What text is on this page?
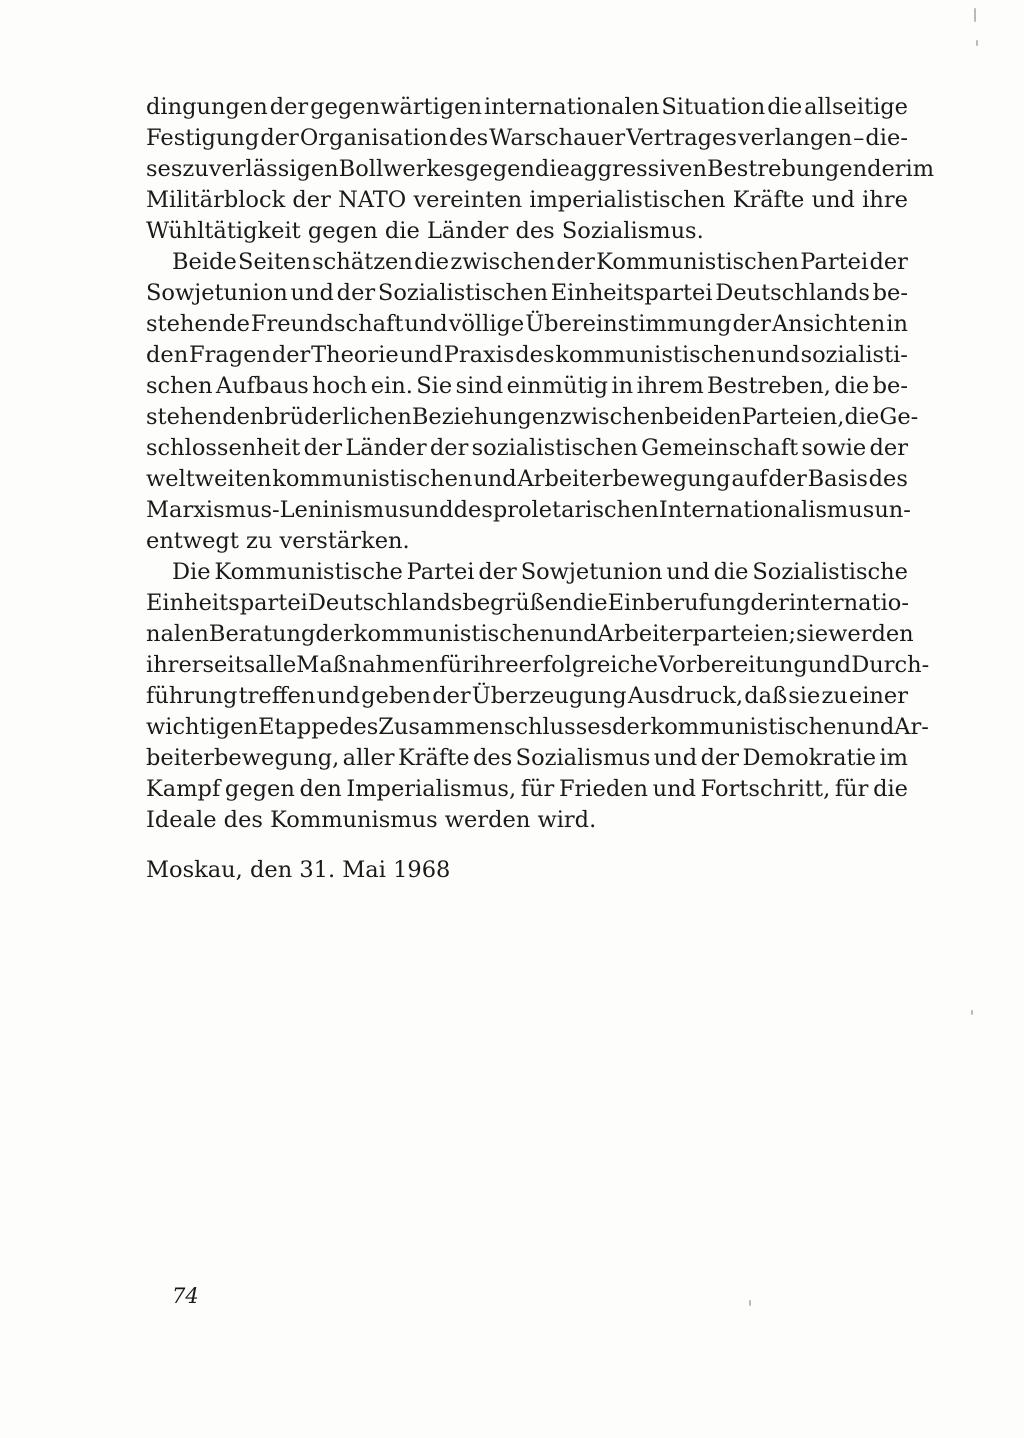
dingungen der gegenwärtigen internationalen Situation die allseitige
Festigung der Organisation des Warschauer Vertrages verlangen – die-
ses zuverlässigen Bollwerkes gegen die aggressiven Bestrebungen der im
Militärblock der NATO vereinten imperialistischen Kräfte und ihre
Wühltätigkeit gegen die Länder des Sozialismus.
Beide Seiten schätzen die zwischen der Kommunistischen Partei der
Sowjetunion und der Sozialistischen Einheitspartei Deutschlands be-
stehende Freundschaft und völlige Übereinstimmung der Ansichten in
den Fragen der Theorie und Praxis des kommunistischen und sozialisti-
schen Aufbaus hoch ein. Sie sind einmütig in ihrem Bestreben, die be-
stehenden brüderlichen Beziehungen zwischen beiden Parteien, die Ge-
schlossenheit der Länder der sozialistischen Gemeinschaft sowie der
weltweiten kommunistischen und Arbeiterbewegung auf der Basis des
Marxismus-Leninismus und des proletarischen Internationalismus un-
entwegt zu verstärken.
Die Kommunistische Partei der Sowjetunion und die Sozialistische
Einheitspartei Deutschlands begrüßen die Einberufung der internatio-
nalen Beratung der kommunistischen und Arbeiterparteien; sie werden
ihrerseits alle Maßnahmen für ihre erfolgreiche Vorbereitung und Durch-
führung treffen und geben der Überzeugung Ausdruck, daß sie zu einer
wichtigen Etappe des Zusammenschlusses der kommunistischen und Ar-
beiterbewegung, aller Kräfte des Sozialismus und der Demokratie im
Kampf gegen den Imperialismus, für Frieden und Fortschritt, für die
Ideale des Kommunismus werden wird.
Moskau, den 31. Mai 1968
74
